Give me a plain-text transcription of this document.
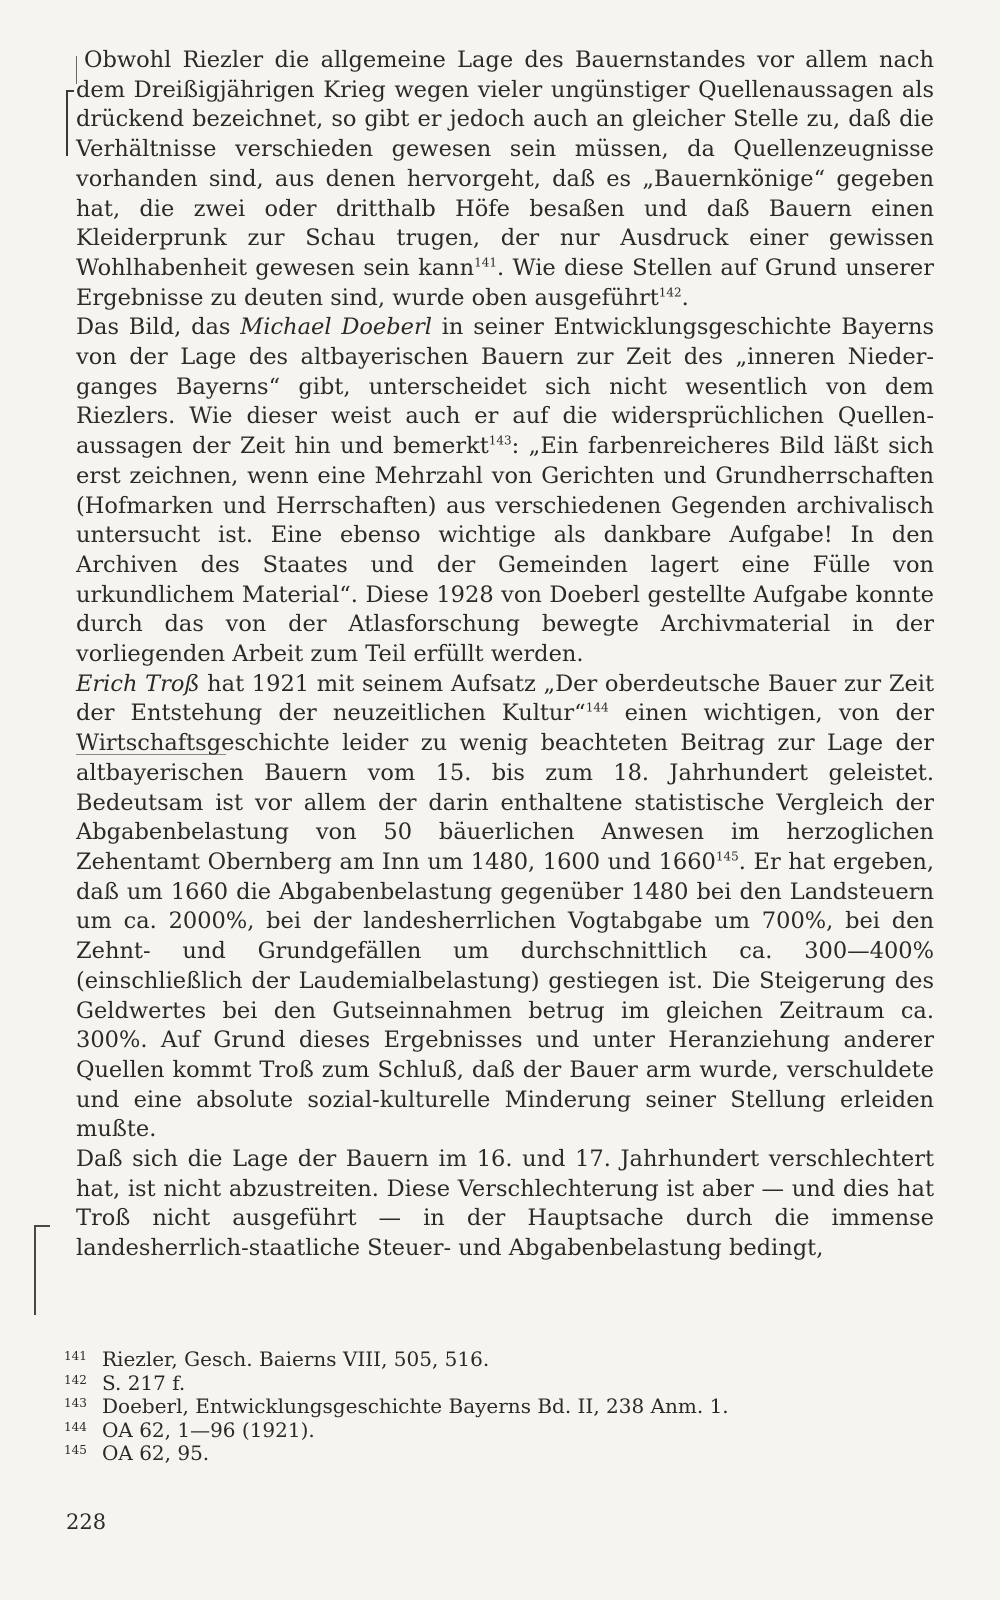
Obwohl Riezler die allgemeine Lage des Bauernstandes vor allem nach dem Dreißigjährigen Krieg wegen vieler ungünstiger Quellenaussagen als drückend bezeichnet, so gibt er jedoch auch an gleicher Stelle zu, daß die Verhältnisse verschieden gewesen sein müssen, da Quellenzeugnisse vorhanden sind, aus denen hervorgeht, daß es „Bauernkönige“ gegeben hat, die zwei oder dritthalb Höfe besaßen und daß Bauern einen Kleiderprunk zur Schau trugen, der nur Ausdruck einer gewissen Wohlhabenheit gewesen sein kann$^{141}$. Wie diese Stellen auf Grund unserer Ergebnisse zu deuten sind, wurde oben ausgeführt$^{142}$.

Das Bild, das Michael Doeberl in seiner Entwicklungsgeschichte Bayerns von der Lage des altbayerischen Bauern zur Zeit des „inneren Niederganges Bayerns“ gibt, unterscheidet sich nicht wesentlich von dem Riezlers. Wie dieser weist auch er auf die widersprüchlichen Quellenaussagen der Zeit hin und bemerkt$^{143}$: „Ein farbenreicheres Bild läßt sich erst zeichnen, wenn eine Mehrzahl von Gerichten und Grundherrschaften (Hofmarken und Herrschaften) aus verschiedenen Gegenden archivalisch untersucht ist. Eine ebenso wichtige als dankbare Aufgabe! In den Archiven des Staates und der Gemeinden lagert eine Fülle von urkundlichem Material“. Diese 1928 von Doeberl gestellte Aufgabe konnte durch das von der Atlasforschung bewegte Archivmaterial in der vorliegenden Arbeit zum Teil erfüllt werden.

Erich Troß hat 1921 mit seinem Aufsatz „Der oberdeutsche Bauer zur Zeit der Entstehung der neuzeitlichen Kultur“$^{144}$ einen wichtigen, von der Wirtschaftsgeschichte leider zu wenig beachteten Beitrag zur Lage der altbayerischen Bauern vom 15. bis zum 18. Jahrhundert geleistet. Bedeutsam ist vor allem der darin enthaltene statistische Vergleich der Abgabenbelastung von 50 bäuerlichen Anwesen im herzoglichen Zehentamt Obernberg am Inn um 1480, 1600 und 1660$^{145}$. Er hat ergeben, daß um 1660 die Abgabenbelastung gegenüber 1480 bei den Landsteuern um ca. 2000%, bei der landesherrlichen Vogtabgabe um 700%, bei den Zehnt- und Grundgefällen um durchschnittlich ca. 300—400% (einschließlich der Laudemialbelastung) gestiegen ist. Die Steigerung des Geldwertes bei den Gutseinnahmen betrug im gleichen Zeitraum ca. 300%. Auf Grund dieses Ergebnisses und unter Heranziehung anderer Quellen kommt Troß zum Schluß, daß der Bauer arm wurde, verschuldete und eine absolute sozial-kulturelle Minderung seiner Stellung erleiden mußte.

Daß sich die Lage der Bauern im 16. und 17. Jahrhundert verschlechtert hat, ist nicht abzustreiten. Diese Verschlechterung ist aber — und dies hat Troß nicht ausgeführt — in der Hauptsache durch die immense landesherrlich-staatliche Steuer- und Abgabenbelastung bedingt,

141 Riezler, Gesch. Baierns VIII, 505, 516.
142 S. 217 f.
143 Doeberl, Entwicklungsgeschichte Bayerns Bd. II, 238 Anm. 1.
144 OA 62, 1—96 (1921).
145 OA 62, 95.
228
